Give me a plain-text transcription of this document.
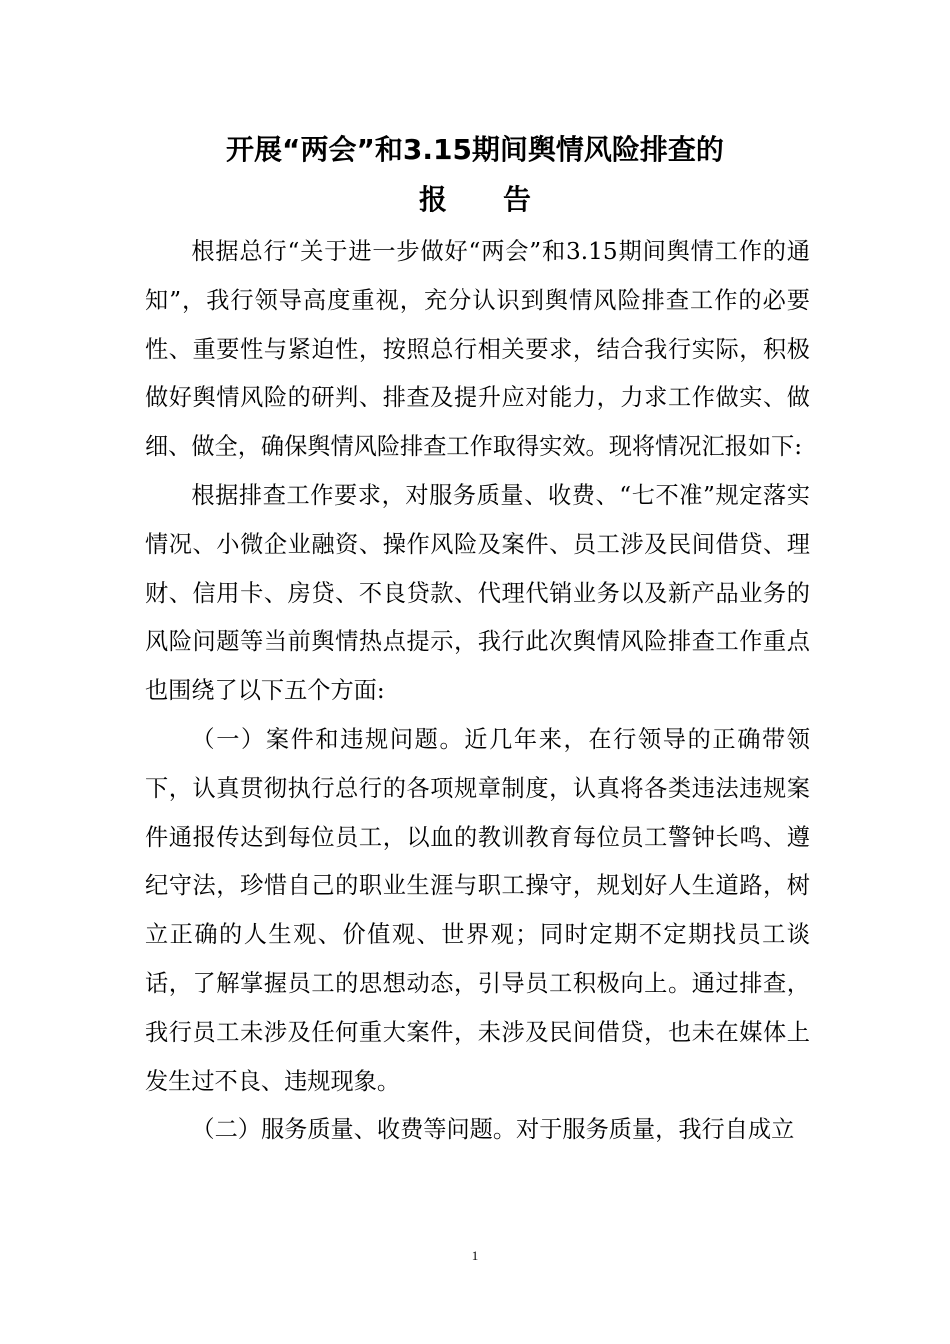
开展“两会”和3.15期间舆情风险排查的
报告

根据总行“关于进一步做好“两会”和3.15期间舆情工作的通知”，我行领导高度重视，充分认识到舆情风险排查工作的必要性、重要性与紧迫性，按照总行相关要求，结合我行实际，积极做好舆情风险的研判、排查及提升应对能力，力求工作做实、做细、做全，确保舆情风险排查工作取得实效。现将情况汇报如下:

根据排查工作要求，对服务质量、收费、“七不准”规定落实情况、小微企业融资、操作风险及案件、员工涉及民间借贷、理财、信用卡、房贷、不良贷款、代理代销业务以及新产品业务的风险问题等当前舆情热点提示，我行此次舆情风险排查工作重点也围绕了以下五个方面:

（一）案件和违规问题。近几年来，在行领导的正确带领下，认真贯彻执行总行的各项规章制度，认真将各类违法违规案件通报传达到每位员工，以血的教训教育每位员工警钟长鸣、遵纪守法，珍惜自己的职业生涯与职工操守，规划好人生道路，树立正确的人生观、价值观、世界观；同时定期不定期找员工谈话，了解掌握员工的思想动态，引导员工积极向上。通过排查，我行员工未涉及任何重大案件，未涉及民间借贷，也未在媒体上发生过不良、违规现象。

（二）服务质量、收费等问题。对于服务质量，我行自成立

1
